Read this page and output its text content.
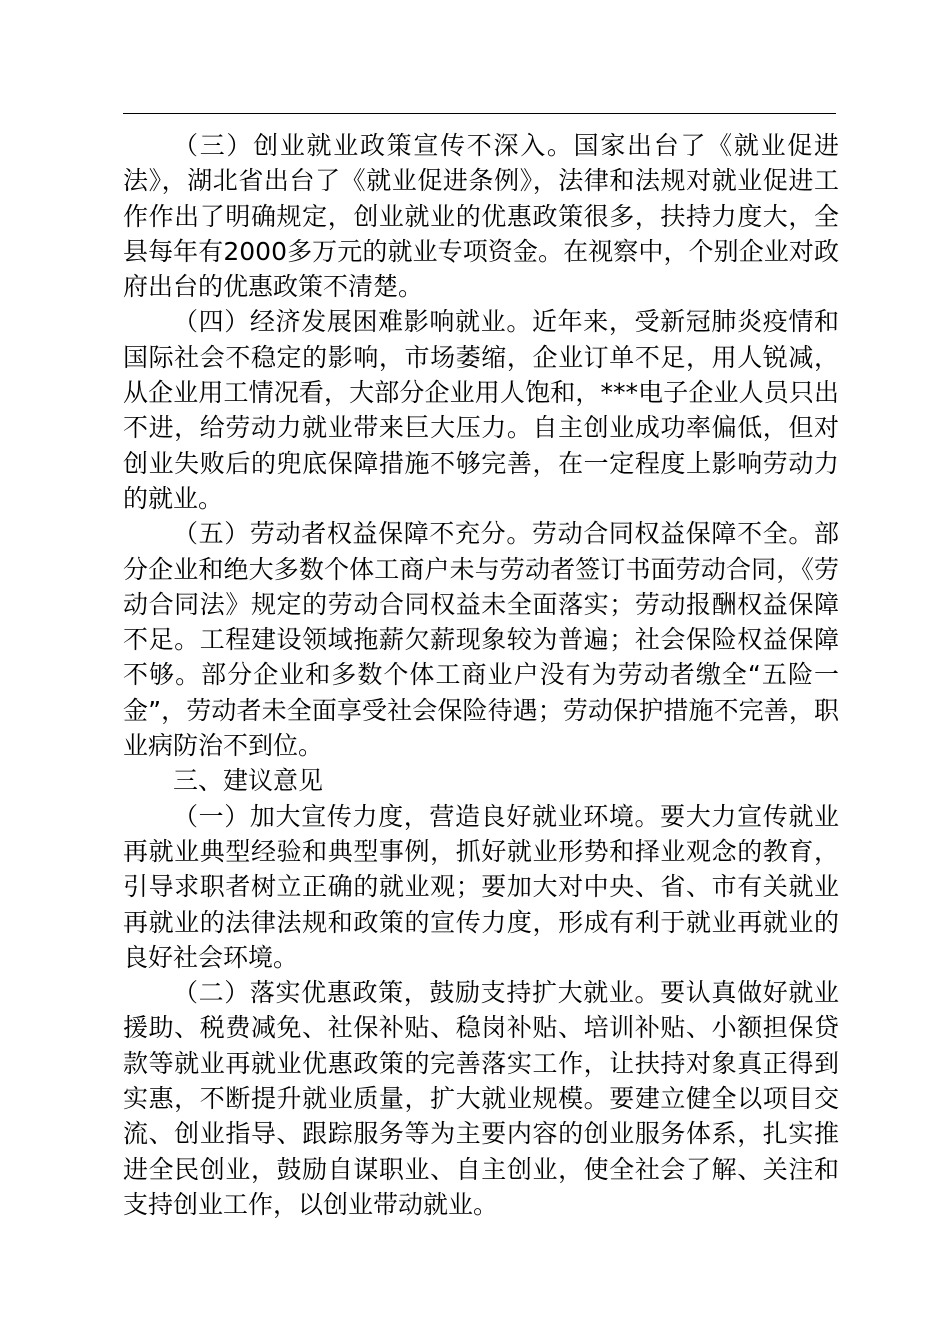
（三）创业就业政策宣传不深入。国家出台了《就业促进法》，湖北省出台了《就业促进条例》，法律和法规对就业促进工作作出了明确规定，创业就业的优惠政策很多，扶持力度大，全县每年有2000多万元的就业专项资金。在视察中，个别企业对政府出台的优惠政策不清楚。

（四）经济发展困难影响就业。近年来，受新冠肺炎疫情和国际社会不稳定的影响，市场萎缩，企业订单不足，用人锐减，从企业用工情况看，大部分企业用人饱和，***电子企业人员只出不进，给劳动力就业带来巨大压力。自主创业成功率偏低，但对创业失败后的兜底保障措施不够完善，在一定程度上影响劳动力的就业。

（五）劳动者权益保障不充分。劳动合同权益保障不全。部分企业和绝大多数个体工商户未与劳动者签订书面劳动合同，《劳动合同法》规定的劳动合同权益未全面落实；劳动报酬权益保障不足。工程建设领域拖薪欠薪现象较为普遍；社会保险权益保障不够。部分企业和多数个体工商业户没有为劳动者缴全“五险一金”，劳动者未全面享受社会保险待遇；劳动保护措施不完善，职业病防治不到位。

三、建议意见

（一）加大宣传力度，营造良好就业环境。要大力宣传就业再就业典型经验和典型事例，抓好就业形势和择业观念的教育，引导求职者树立正确的就业观；要加大对中央、省、市有关就业再就业的法律法规和政策的宣传力度，形成有利于就业再就业的良好社会环境。

（二）落实优惠政策，鼓励支持扩大就业。要认真做好就业援助、税费减免、社保补贴、稳岗补贴、培训补贴、小额担保贷款等就业再就业优惠政策的完善落实工作，让扶持对象真正得到实惠，不断提升就业质量，扩大就业规模。要建立健全以项目交流、创业指导、跟踪服务等为主要内容的创业服务体系，扎实推进全民创业，鼓励自谋职业、自主创业，使全社会了解、关注和支持创业工作，以创业带动就业。
